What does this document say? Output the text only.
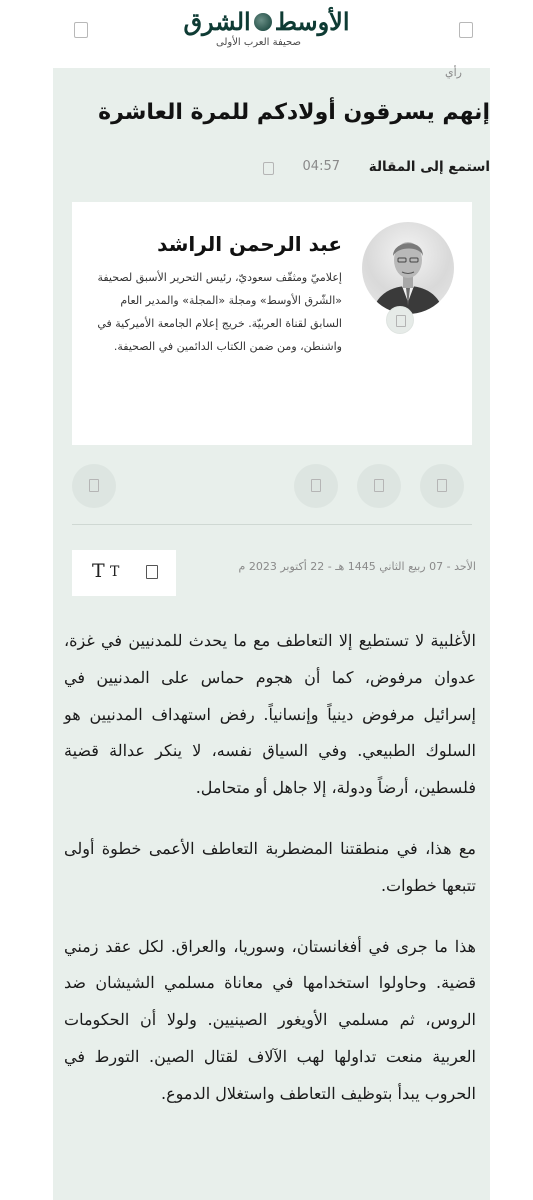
الأوسط
الشرق
صحيفة العرب الأولى
رأي
إنهم يسرقون أولادكم للمرة العاشرة
استمع إلى المقالة
04:57
عبد الرحمن الراشد
إعلاميّ ومثقّف سعوديّ، رئيس التحرير الأسبق لصحيفة «الشّرق الأوسط» ومجلة «المجلة» والمدير العام السابق لقناة العربيّة. خريج إعلام الجامعة الأميركية في واشنطن، ومن ضمن الكتاب الدائمين في الصحيفة.
T T	الأحد - 07 ربيع الثاني 1445 هـ - 22 أكتوبر 2023 م

الأغلبية لا تستطيع إلا التعاطف مع ما يحدث للمدنيين في غزة، عدوان مرفوض، كما أن هجوم حماس على المدنيين في إسرائيل مرفوض دينياً وإنسانياً. رفض استهداف المدنيين هو السلوك الطبيعي. وفي السياق نفسه، لا ينكر عدالة قضية فلسطين، أرضاً ودولة، إلا جاهل أو متحامل.

مع هذا، في منطقتنا المضطربة التعاطف الأعمى خطوة أولى تتبعها خطوات.

هذا ما جرى في أفغانستان، وسوريا، والعراق. لكل عقد زمني قضية. وحاولوا استخدامها في معاناة مسلمي الشيشان ضد الروس، ثم مسلمي الأويغور الصينيين. ولولا أن الحكومات العربية منعت تداولها لهب الآلاف لقتال الصين. التورط في الحروب يبدأ بتوظيف التعاطف واستغلال الدموع.
